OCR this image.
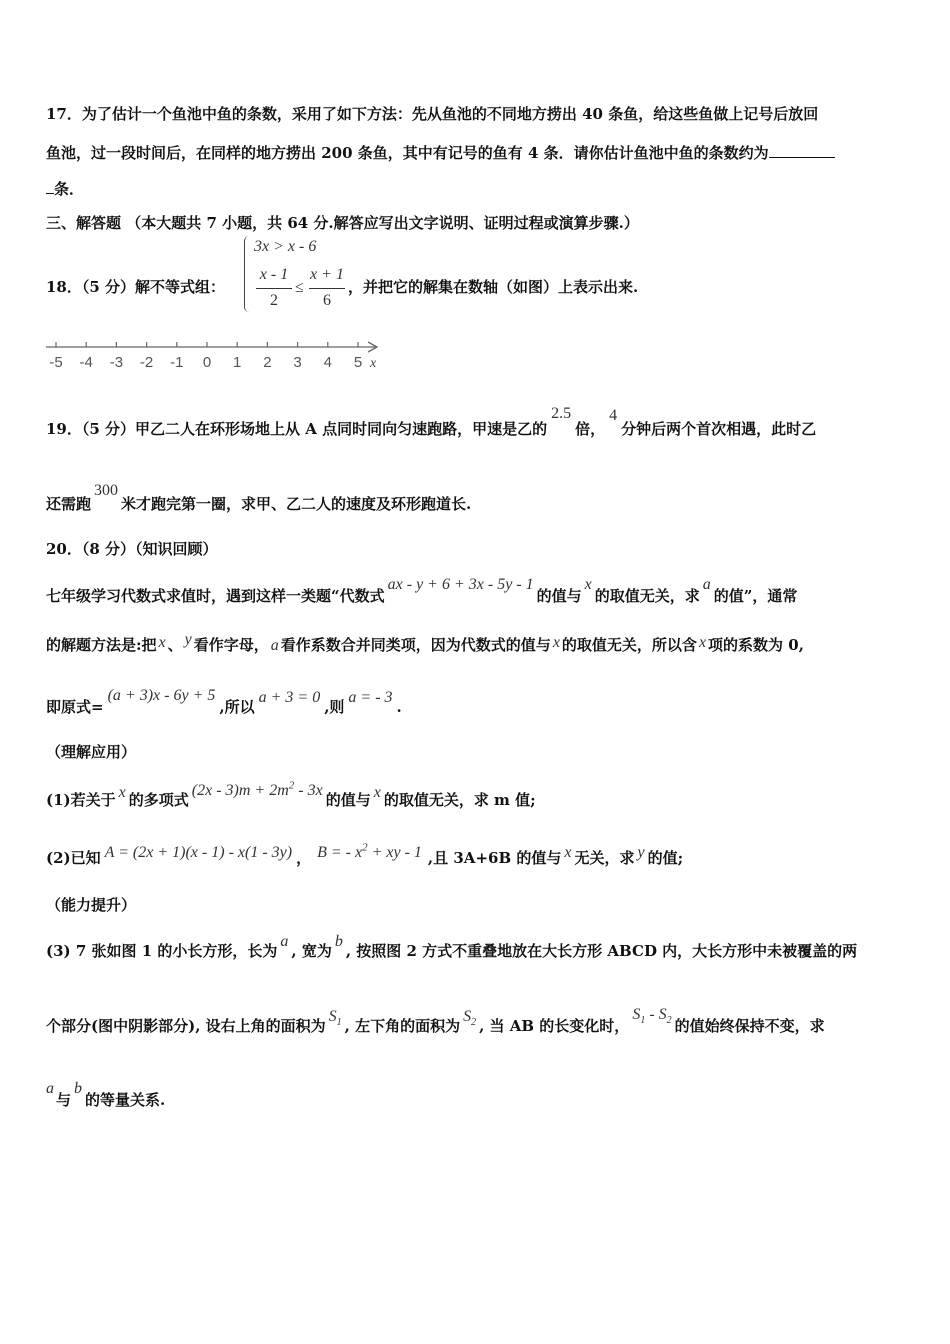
17．为了估计一个鱼池中鱼的条数，采用了如下方法：先从鱼池的不同地方捞出 40 条鱼，给这些鱼做上记号后放回
鱼池，过一段时间后，在同样的地方捞出 200 条鱼，其中有记号的鱼有 4 条．请你估计鱼池中鱼的条数约为
条．
三、解答题 （本大题共 7 小题，共 64 分.解答应写出文字说明、证明过程或演算步骤.）
18．（5 分）解不等式组：
3x > x - 6
x - 1
2
≤
x + 1
6
，并把它的解集在数轴（如图）上表示出来.
-5 -4 -3 -2 -1 0 1 2 3 4 5 x
19．（5 分）甲乙二人在环形场地上从 A 点同时同向匀速跑路，甲速是乙的2.5倍，4分钟后两个首次相遇，此时乙
还需跑300米才跑完第一圈，求甲、乙二人的速度及环形跑道长.
20．（8 分）（知识回顾）
七年级学习代数式求值时，遇到这样一类题“代数式ax - y + 6 + 3x - 5y - 1的值与x的取值无关，求a的值”，通常
的解题方法是:把 x 、 y 看作字母， a 看作系数合并同类项，因为代数式的值与 x 的取值无关，所以含 x 项的系数为 0,
即原式=(a + 3)x - 6y + 5,所以a + 3 = 0,则a = - 3.
（理解应用）
(1)若关于 x 的多项式$(2x - 3)m + 2m^2 - 3x$的值与 x 的取值无关，求 m 值;
(2)已知 A = (2x + 1)(x - 1) - x(1 - 3y) ， B = - $x^2$ + xy - 1 ,且 3A+6B 的值与 x 无关，求 y 的值;
（能力提升）
(3) 7 张如图 1 的小长方形，长为a, 宽为b, 按照图 2 方式不重叠地放在大长方形 ABCD 内，大长方形中未被覆盖的两
个部分(图中阴影部分), 设右上角的面积为$S_1$ , 左下角的面积为$S_2$ , 当 AB 的长变化时，$S_1 - S_2$ 的值始终保持不变，求
a与b的等量关系.
